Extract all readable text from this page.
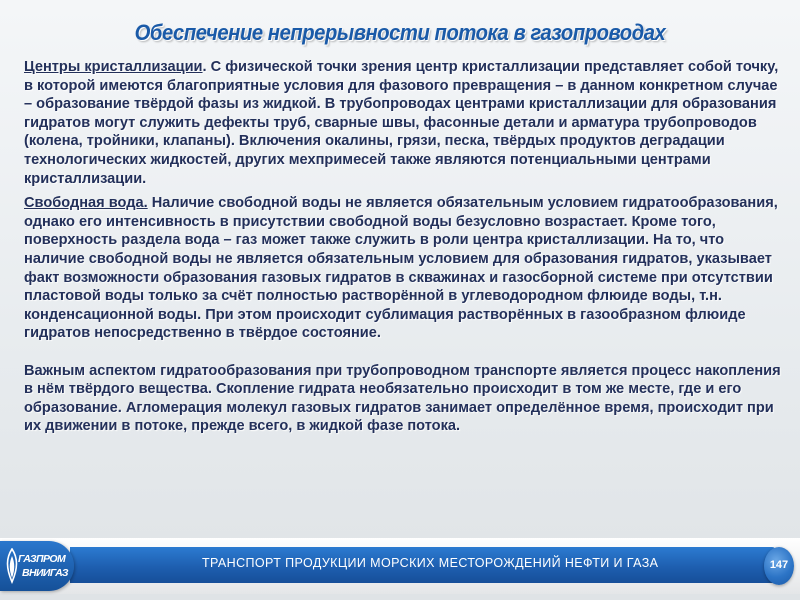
Обеспечение непрерывности потока в газопроводах

Центры кристаллизации. С физической точки зрения центр кристаллизации представляет собой точку, в которой имеются благоприятные условия для фазового превращения – в данном конкретном случае – образование твёрдой фазы из жидкой. В трубопроводах центрами кристаллизации для образования гидратов могут служить дефекты труб, сварные швы, фасонные детали и арматура трубопроводов (колена, тройники, клапаны). Включения окалины, грязи, песка, твёрдых продуктов деградации технологических жидкостей, других мехпримесей также являются потенциальными центрами кристаллизации.

Свободная вода. Наличие свободной воды не является обязательным условием гидратообразования, однако его интенсивность в присутствии свободной воды безусловно возрастает. Кроме того, поверхность раздела вода – газ может также служить в роли центра кристаллизации. На то, что наличие свободной воды не является обязательным условием для образования гидратов, указывает факт возможности образования газовых гидратов в скважинах и газосборной системе при отсутствии пластовой воды только за счёт полностью растворённой в углеводородном флюиде воды, т.н. конденсационной воды. При этом происходит сублимация растворённых в газообразном флюиде гидратов непосредственно в твёрдое состояние.

Важным аспектом гидратообразования при трубопроводном транспорте является процесс накопления в нём твёрдого вещества. Скопление гидрата необязательно происходит в том же месте, где и его образование. Агломерация молекул газовых гидратов занимает определённое время, происходит при их движении в потоке, прежде всего, в жидкой фазе потока.

ТРАНСПОРТ ПРОДУКЦИИ МОРСКИХ МЕСТОРОЖДЕНИЙ НЕФТИ И ГАЗА
ГАЗПРОМ
ВНИИГАЗ
147
